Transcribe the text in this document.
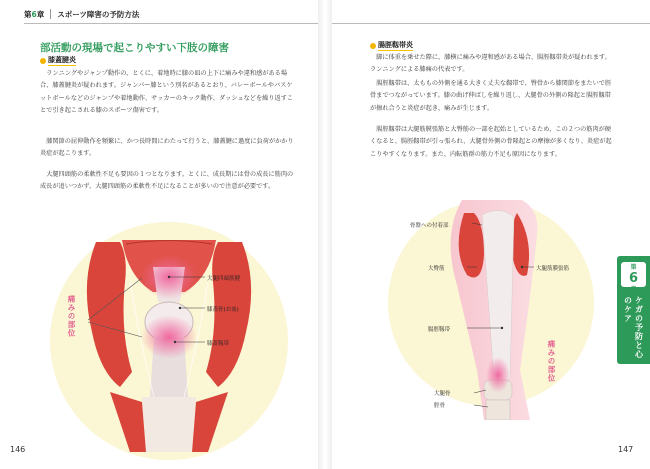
第6章 スポーツ障害の予防方法
部活動の現場で起こりやすい下肢の障害
膝蓋腱炎

ランニングやジャンプ動作の、とくに、着地時に膝の皿の上下に痛みや違和感がある場合、膝蓋腱炎が疑われます。ジャンパー膝という別名があるとおり、バレーボールやバスケットボールなどのジャンプや着地動作、サッカーのキック動作、ダッシュなどを繰り返すことで引き起こされる膝のスポーツ傷害です。

膝関節の屈伸動作を頻繁に、かつ長時間にわたって行うと、膝蓋腱に過度に負荷がかかり炎症が起こります。

大腿四頭筋の柔軟性不足も要因の１つとなります。とくに、成長期には骨の成長に筋肉の成長が追いつかず、大腿四頭筋の柔軟性不足になることが多いので注意が必要です。

痛みの部位
大腿四頭筋腱
膝蓋骨(お皿)
膝蓋靱帯
146
腸脛靱帯炎

脚に体重を乗せた際に、膝横に痛みや違和感がある場合、腸脛靱帯炎が疑われます。ランニングによる膝痛の代表です。

腸脛靱帯は、太ももの外側を通る大きく丈夫な靱帯で、臀骨から膝関節をまたいで脛骨までつながっています。膝の曲げ伸ばしを繰り返し、大腿骨の外側の隆起と腸脛靱帯が擦れ合うと炎症が起き、痛みが生じます。

腸脛靱帯は大腿筋膜張筋と大臀筋の一部を起始としているため、この２つの筋肉が硬くなると、腸脛靱帯が引っ張られ、大腿骨外側の骨隆起との摩擦が多くなり、炎症が起こりやすくなります。また、内転筋群の筋力不足も原因になります。

骨盤への付着部
大臀筋	大腿筋膜張筋
腸脛靱帯
大腿骨
脛骨
痛みの部位
第
6
章
ケガの予防と心のケア
147
